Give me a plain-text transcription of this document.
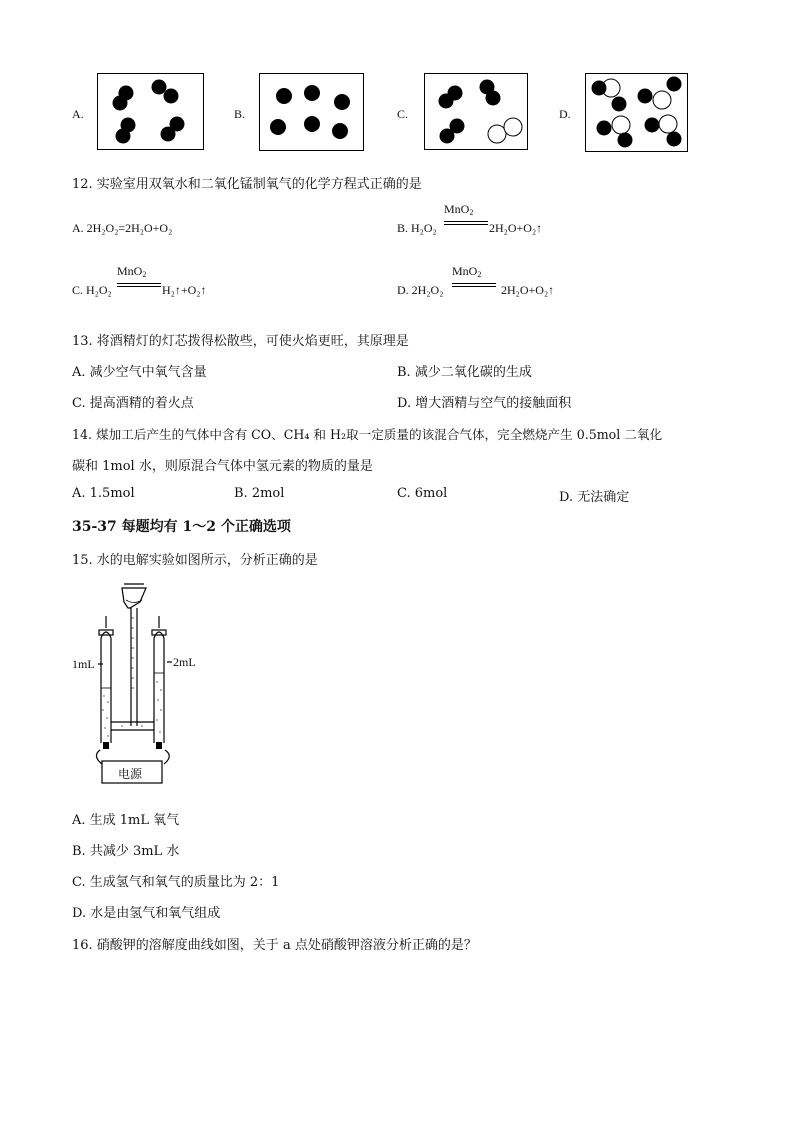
A.	B.	C.	D.
12. 实验室用双氧水和二氧化锰制氧气的化学方程式正确的是
A. 2H₂O₂=2H₂O+O₂	B. H₂O₂
MnO$_2$
2H₂O+O₂↑
C. H₂O₂
MnO$_2$
H₂↑+O₂↑	D. 2H₂O₂
MnO$_2$
2H₂O+O₂↑
13. 将酒精灯的灯芯拨得松散些，可使火焰更旺，其原理是
A. 减少空气中氧气含量	B. 减少二氧化碳的生成
C. 提高酒精的着火点	D. 增大酒精与空气的接触面积
14. 煤加工后产生的气体中含有 CO、CH₄ 和 H₂取一定质量的该混合气体，完全燃烧产生 0.5mol 二氧化
碳和 1mol 水，则原混合气体中氢元素的物质的量是
A. 1.5mol	B. 2mol	C. 6mol	D. 无法确定
35-37 每题均有 1～2 个正确选项
15. 水的电解实验如图所示，分析正确的是
1mL	2mL
电源
A. 生成 1mL 氧气
B. 共减少 3mL 水
C. 生成氢气和氧气的质量比为 2：1
D. 水是由氢气和氧气组成
16. 硝酸钾的溶解度曲线如图，关于 a 点处硝酸钾溶液分析正确的是？
